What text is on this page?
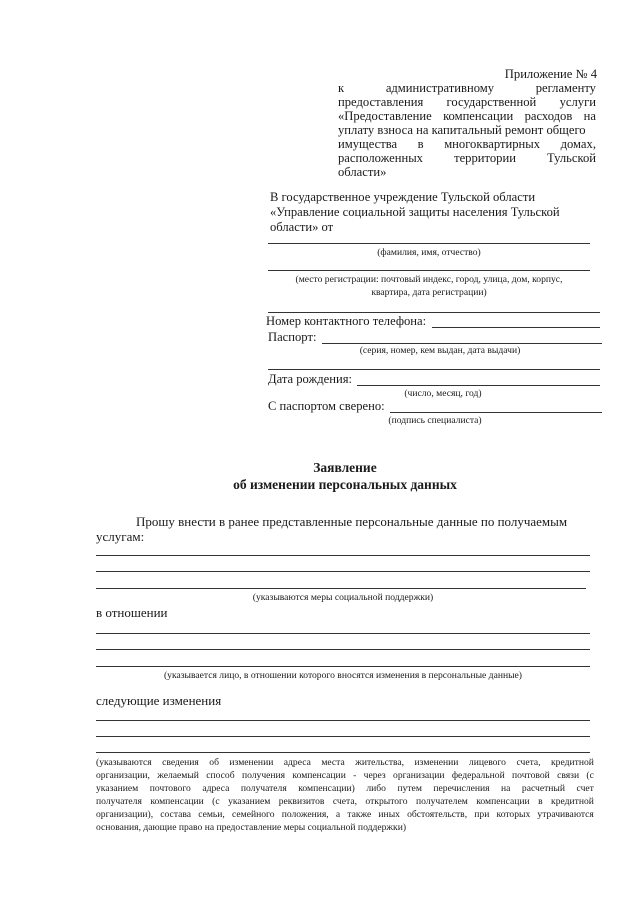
Приложение № 4
к	административному	регламенту
предоставления государственной услуги
«Предоставление компенсации расходов на
уплату взноса на капитальный ремонт общего
имущества в многоквартирных домах,
расположенных территории Тульской
области»
В государственное учреждение Тульской области
«Управление социальной защиты населения Тульской
области» от
(фамилия, имя, отчество)
(место регистрации: почтовый индекс, город, улица, дом, корпус,
квартира, дата регистрации)
Номер контактного телефона:
Паспорт:
(серия, номер, кем выдан, дата выдачи)
Дата рождения:
(число, месяц, год)
С паспортом сверено:
(подпись специалиста)
Заявление
об изменении персональных данных
Прошу внести в ранее представленные персональные данные по получаемым
услугам:
(указываются меры социальной поддержки)
в отношении
(указывается лицо, в отношении которого вносятся изменения в персональные данные)
следующие изменения
(указываются сведения об изменении адреса места жительства, изменении лицевого счета, кредитной
организации, желаемый способ получения компенсации - через организации федеральной почтовой связи (с
указанием почтового адреса получателя компенсации) либо путем перечисления на расчетный счет
получателя компенсации (с указанием реквизитов счета, открытого получателем компенсации в кредитной
организации), состава семьи, семейного положения, а также иных обстоятельств, при которых утрачиваются
основания, дающие право на предоставление меры социальной поддержки)
